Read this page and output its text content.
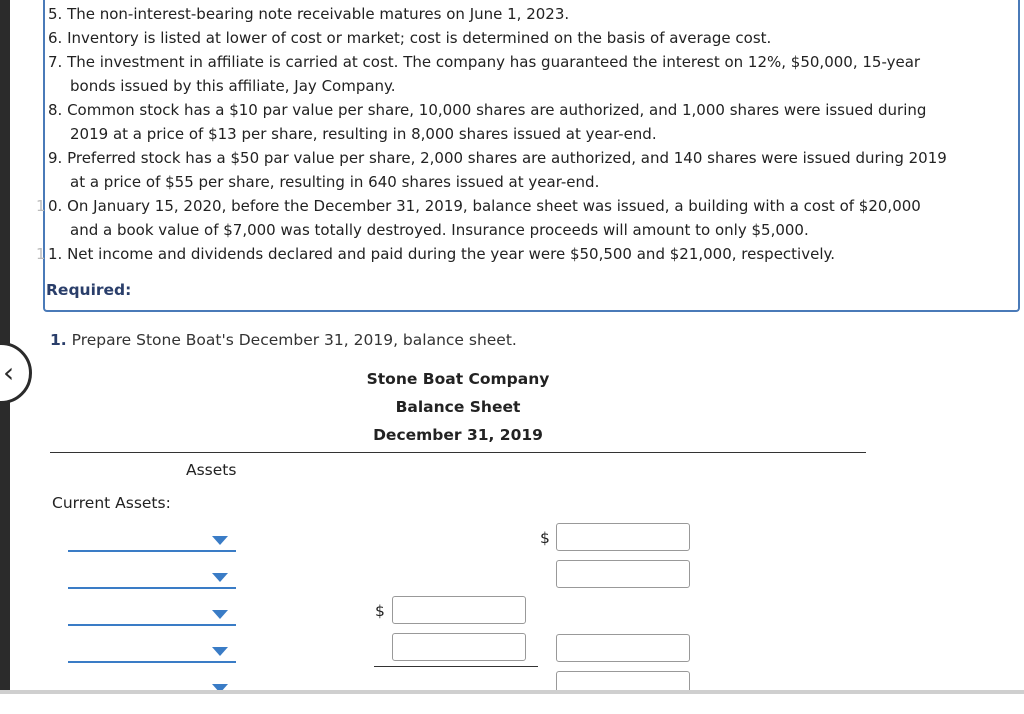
5. The non-interest-bearing note receivable matures on June 1, 2023.
6. Inventory is listed at lower of cost or market; cost is determined on the basis of average cost.
7. The investment in affiliate is carried at cost. The company has guaranteed the interest on 12%, $50,000, 15-year
bonds issued by this affiliate, Jay Company.
8. Common stock has a $10 par value per share, 10,000 shares are authorized, and 1,000 shares were issued during
2019 at a price of $13 per share, resulting in 8,000 shares issued at year-end.
9. Preferred stock has a $50 par value per share, 2,000 shares are authorized, and 140 shares were issued during 2019
at a price of $55 per share, resulting in 640 shares issued at year-end.
1 0. On January 15, 2020, before the December 31, 2019, balance sheet was issued, a building with a cost of $20,000
and a book value of $7,000 was totally destroyed. Insurance proceeds will amount to only $5,000.
1 1. Net income and dividends declared and paid during the year were $50,500 and $21,000, respectively.
Required:
1. Prepare Stone Boat's December 31, 2019, balance sheet.
‹	Stone Boat Company
Balance Sheet
December 31, 2019
Assets
Current Assets:
$
$
